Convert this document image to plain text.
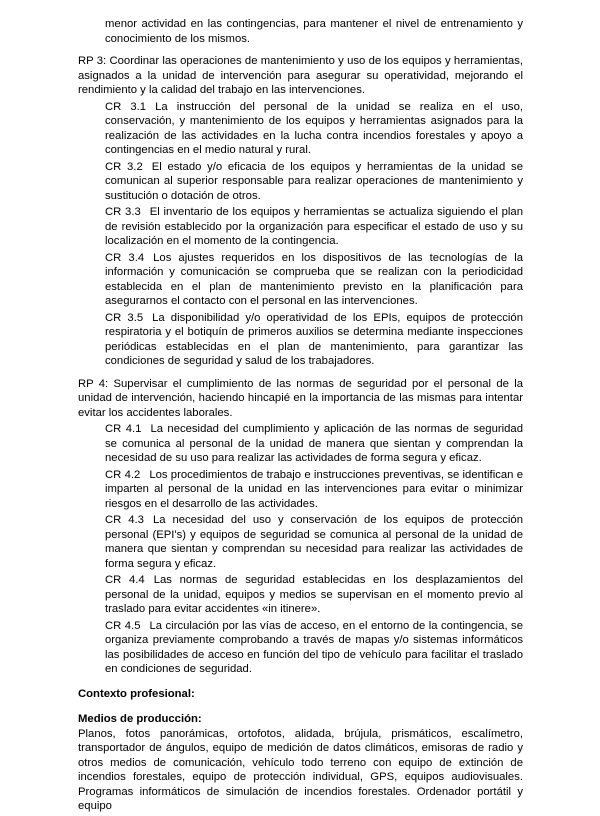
menor actividad en las contingencias, para mantener el nivel de entrenamiento y conocimiento de los mismos.

RP 3: Coordinar las operaciones de mantenimiento y uso de los equipos y herramientas, asignados a la unidad de intervención para asegurar su operatividad, mejorando el rendimiento y la calidad del trabajo en las intervenciones.

CR 3.1 La instrucción del personal de la unidad se realiza en el uso, conservación, y mantenimiento de los equipos y herramientas asignados para la realización de las actividades en la lucha contra incendios forestales y apoyo a contingencias en el medio natural y rural.

CR 3.2 El estado y/o eficacia de los equipos y herramientas de la unidad se comunican al superior responsable para realizar operaciones de mantenimiento y sustitución o dotación de otros.

CR 3.3 El inventario de los equipos y herramientas se actualiza siguiendo el plan de revisión establecido por la organización para especificar el estado de uso y su localización en el momento de la contingencia.

CR 3.4 Los ajustes requeridos en los dispositivos de las tecnologías de la información y comunicación se comprueba que se realizan con la periodicidad establecida en el plan de mantenimiento previsto en la planificación para asegurarnos el contacto con el personal en las intervenciones.

CR 3.5 La disponibilidad y/o operatividad de los EPIs, equipos de protección respiratoria y el botiquín de primeros auxilios se determina mediante inspecciones periódicas establecidas en el plan de mantenimiento, para garantizar las condiciones de seguridad y salud de los trabajadores.

RP 4: Supervisar el cumplimiento de las normas de seguridad por el personal de la unidad de intervención, haciendo hincapié en la importancia de las mismas para intentar evitar los accidentes laborales.

CR 4.1 La necesidad del cumplimiento y aplicación de las normas de seguridad se comunica al personal de la unidad de manera que sientan y comprendan la necesidad de su uso para realizar las actividades de forma segura y eficaz.

CR 4.2 Los procedimientos de trabajo e instrucciones preventivas, se identifican e imparten al personal de la unidad en las intervenciones para evitar o minimizar riesgos en el desarrollo de las actividades.

CR 4.3 La necesidad del uso y conservación de los equipos de protección personal (EPI's) y equipos de seguridad se comunica al personal de la unidad de manera que sientan y comprendan su necesidad para realizar las actividades de forma segura y eficaz.

CR 4.4 Las normas de seguridad establecidas en los desplazamientos del personal de la unidad, equipos y medios se supervisan en el momento previo al traslado para evitar accidentes «in itinere».

CR 4.5 La circulación por las vías de acceso, en el entorno de la contingencia, se organiza previamente comprobando a través de mapas y/o sistemas informáticos las posibilidades de acceso en función del tipo de vehículo para facilitar el traslado en condiciones de seguridad.

Contexto profesional:

Medios de producción:

Planos, fotos panorámicas, ortofotos, alidada, brújula, prismáticos, escalímetro, transportador de ángulos, equipo de medición de datos climáticos, emisoras de radio y otros medios de comunicación, vehículo todo terreno con equipo de extinción de incendios forestales, equipo de protección individual, GPS, equipos audiovisuales. Programas informáticos de simulación de incendios forestales. Ordenador portátil y equipo
